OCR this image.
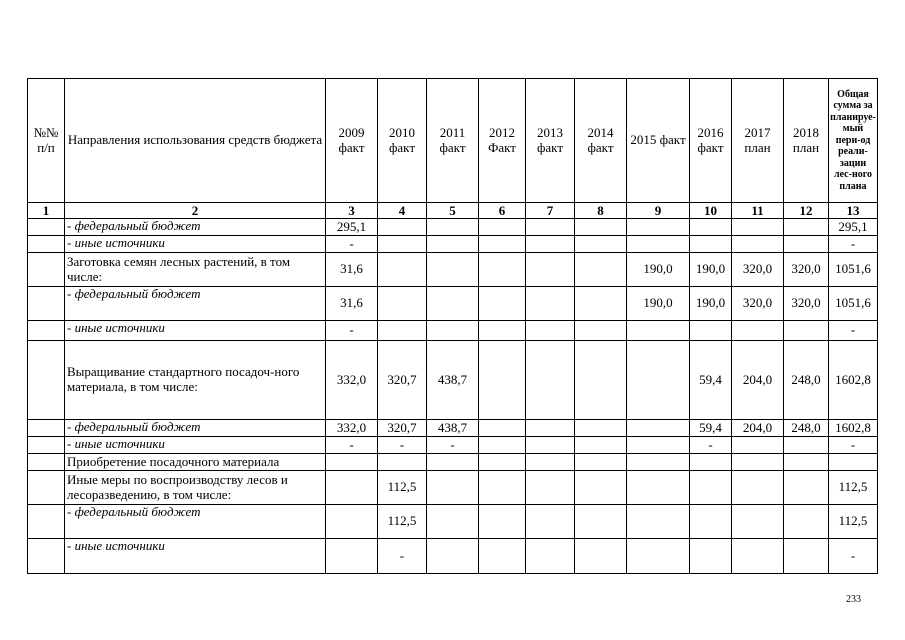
№№ п/п	Направления использования средств бюджета	2009 факт	2010 факт	2011 факт	2012 Факт	2013 факт	2014 факт	2015 факт	2016 факт	2017 план	2018 план	Общая сумма за планируе-мый пери-од реали-зации лес-ного плана
1	2	3	4	5	6	7	8	9	10	11	12	13
	- федеральный бюджет	295,1										295,1
	- иные источники	-										-
	Заготовка семян лесных растений, в том числе:	31,6						190,0	190,0	320,0	320,0	1051,6
	- федеральный бюджет	31,6						190,0	190,0	320,0	320,0	1051,6
	- иные источники	-										-
	Выращивание стандартного посадоч-ного материала, в том числе:	332,0	320,7	438,7					59,4	204,0	248,0	1602,8
	- федеральный бюджет	332,0	320,7	438,7					59,4	204,0	248,0	1602,8
	- иные источники	-	-	-					-			-
	Приобретение посадочного материала											
	Иные меры по воспроизводству лесов и лесоразведению, в том числе:		112,5									112,5
	- федеральный бюджет		112,5									112,5
	- иные источники		-									-
233
